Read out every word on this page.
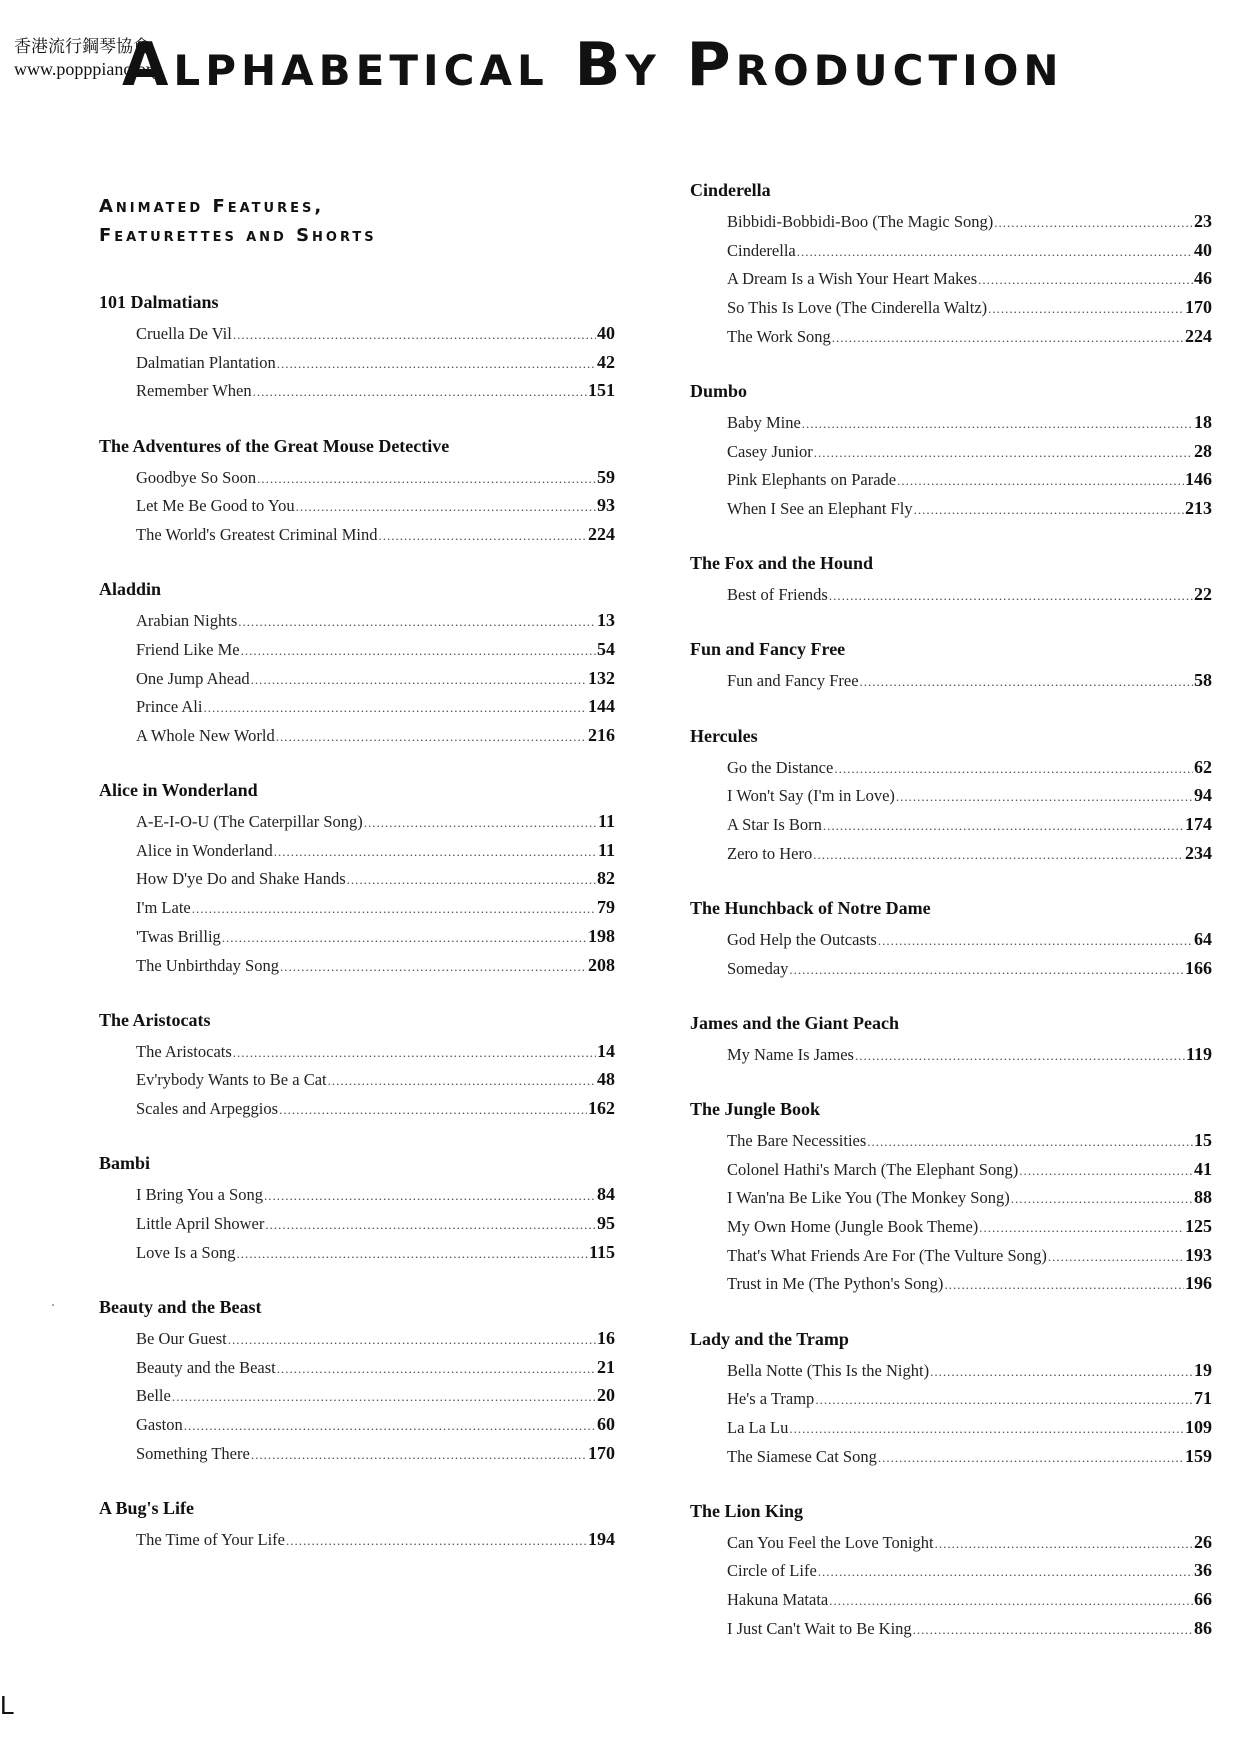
香港流行鋼琴協會
www.popppiano.org
Alphabetical By Production
Animated Features,
Featurettes and Shorts
101 Dalmatians
Cruella De Vil .....	40
Dalmatian Plantation .....	42
Remember When .....	151
The Adventures of the Great Mouse Detective
Goodbye So Soon .....	59
Let Me Be Good to You .....	93
The World's Greatest Criminal Mind .....	224
Aladdin
Arabian Nights .....	13
Friend Like Me .....	54
One Jump Ahead .....	132
Prince Ali .....	144
A Whole New World .....	216
Alice in Wonderland
A-E-I-O-U (The Caterpillar Song) .....	11
Alice in Wonderland .....	11
How D'ye Do and Shake Hands .....	82
I'm Late .....	79
'Twas Brillig .....	198
The Unbirthday Song .....	208
The Aristocats
The Aristocats .....	14
Ev'rybody Wants to Be a Cat .....	48
Scales and Arpeggios .....	162
Bambi
I Bring You a Song .....	84
Little April Shower .....	95
Love Is a Song .....	115
Beauty and the Beast
Be Our Guest .....	16
Beauty and the Beast .....	21
Belle .....	20
Gaston .....	60
Something There .....	170
A Bug's Life
The Time of Your Life .....	194
Cinderella
Bibbidi-Bobbidi-Boo (The Magic Song) .....	23
Cinderella .....	40
A Dream Is a Wish Your Heart Makes .....	46
So This Is Love (The Cinderella Waltz) .....	170
The Work Song .....	224
Dumbo
Baby Mine .....	18
Casey Junior .....	28
Pink Elephants on Parade .....	146
When I See an Elephant Fly .....	213
The Fox and the Hound
Best of Friends .....	22
Fun and Fancy Free
Fun and Fancy Free .....	58
Hercules
Go the Distance .....	62
I Won't Say (I'm in Love) .....	94
A Star Is Born .....	174
Zero to Hero .....	234
The Hunchback of Notre Dame
God Help the Outcasts .....	64
Someday .....	166
James and the Giant Peach
My Name Is James .....	119
The Jungle Book
The Bare Necessities .....	15
Colonel Hathi's March (The Elephant Song) .....	41
I Wan'na Be Like You (The Monkey Song) .....	88
My Own Home (Jungle Book Theme) .....	125
That's What Friends Are For (The Vulture Song) .....	193
Trust in Me (The Python's Song) .....	196
Lady and the Tramp
Bella Notte (This Is the Night) .....	19
He's a Tramp .....	71
La La Lu .....	109
The Siamese Cat Song .....	159
The Lion King
Can You Feel the Love Tonight .....	26
Circle of Life .....	36
Hakuna Matata .....	66
I Just Can't Wait to Be King .....	86
L
